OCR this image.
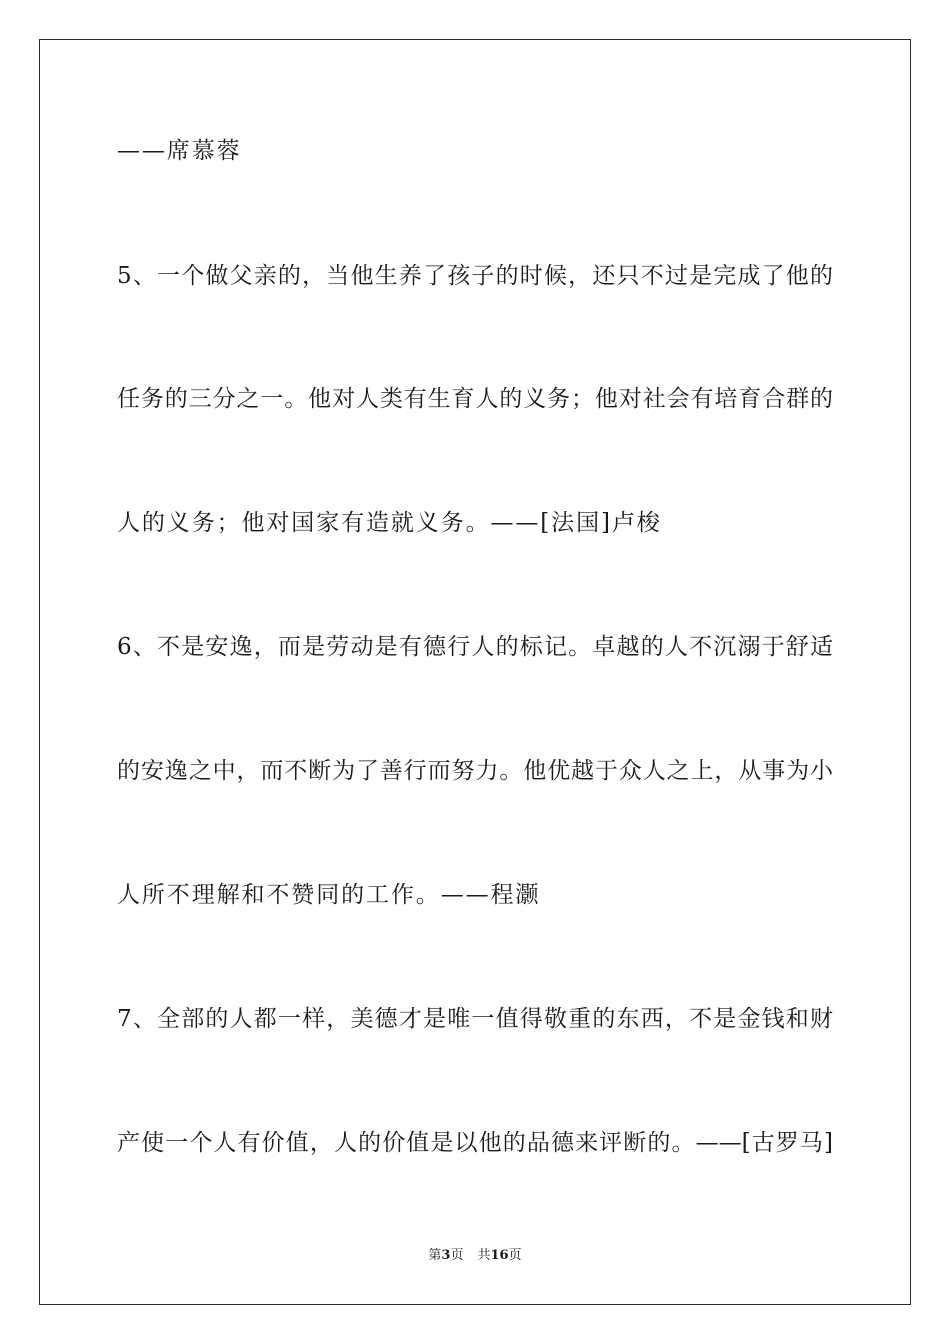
——席慕蓉
5、一个做父亲的，当他生养了孩子的时候，还只不过是完成了他的
任务的三分之一。他对人类有生育人的义务；他对社会有培育合群的
人的义务；他对国家有造就义务。——[法国]卢梭
6、不是安逸，而是劳动是有德行人的标记。卓越的人不沉溺于舒适
的安逸之中，而不断为了善行而努力。他优越于众人之上，从事为小
人所不理解和不赞同的工作。——程灏
7、全部的人都一样，美德才是唯一值得敬重的东西，不是金钱和财
产使一个人有价值，人的价值是以他的品德来评断的。——[古罗马]
第3页 共16页
